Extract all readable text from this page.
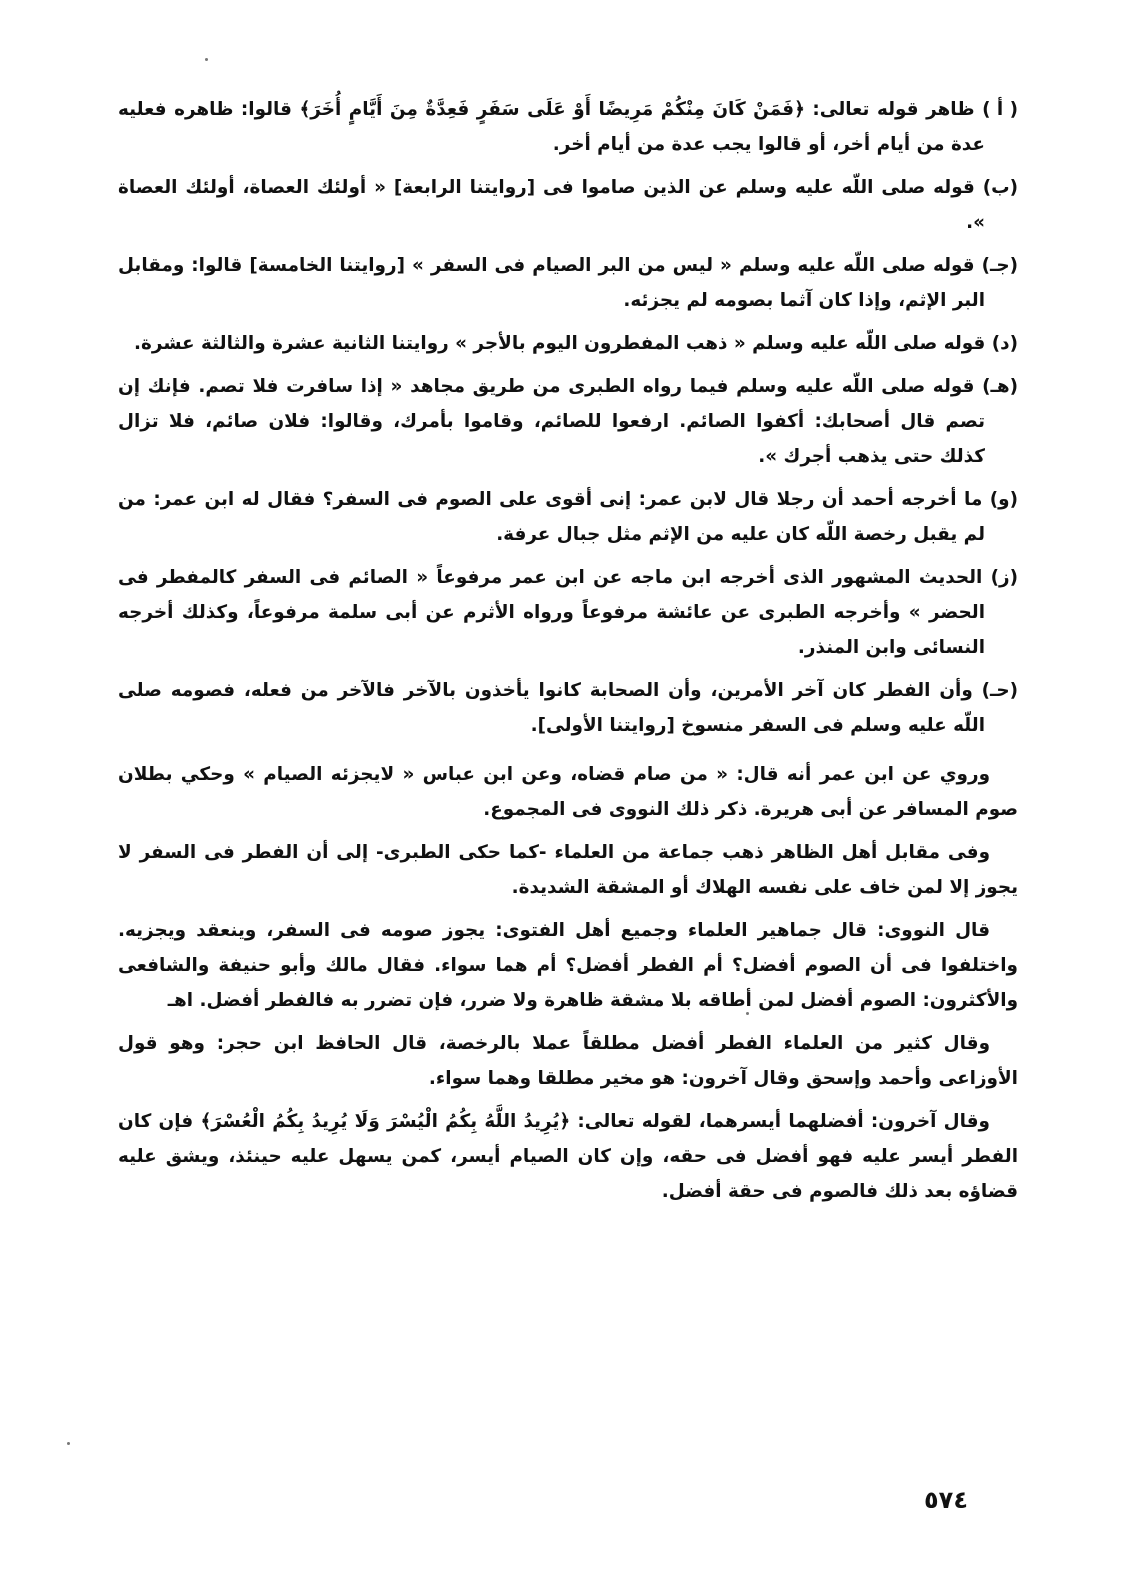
( أ ) ظاهر قوله تعالى: ﴿فَمَنْ كَانَ مِنْكُمْ مَرِيضًا أَوْ عَلَى سَفَرٍ فَعِدَّةٌ مِنَ أَيَّامٍ أُخَرَ﴾ قالوا: ظاهره فعليه عدة من أيام أخر، أو قالوا يجب عدة من أيام أخر.

(ب) قوله صلى اللّه عليه وسلم عن الذين صاموا فى [روايتنا الرابعة] « أولئك العصاة، أولئك العصاة ».

(جـ) قوله صلى اللّه عليه وسلم « ليس من البر الصيام فى السفر » [روايتنا الخامسة] قالوا: ومقابل البر الإثم، وإذا كان آثما بصومه لم يجزئه.

(د) قوله صلى اللّه عليه وسلم « ذهب المفطرون اليوم بالأجر » روايتنا الثانية عشرة والثالثة عشرة.

(هـ) قوله صلى اللّه عليه وسلم فيما رواه الطبرى من طريق مجاهد « إذا سافرت فلا تصم. فإنك إن تصم قال أصحابك: أكفوا الصائم. ارفعوا للصائم، وقاموا بأمرك، وقالوا: فلان صائم، فلا تزال كذلك حتى يذهب أجرك ».

(و) ما أخرجه أحمد أن رجلا قال لابن عمر: إنى أقوى على الصوم فى السفر؟ فقال له ابن عمر: من لم يقبل رخصة اللّه كان عليه من الإثم مثل جبال عرفة.

(ز) الحديث المشهور الذى أخرجه ابن ماجه عن ابن عمر مرفوعاً « الصائم فى السفر كالمفطر فى الحضر » وأخرجه الطبرى عن عائشة مرفوعاً ورواه الأثرم عن أبى سلمة مرفوعاً، وكذلك أخرجه النسائى وابن المنذر.

(حـ) وأن الفطر كان آخر الأمرين، وأن الصحابة كانوا يأخذون بالآخر فالآخر من فعله، فصومه صلى اللّه عليه وسلم فى السفر منسوخ [روايتنا الأولى].

وروي عن ابن عمر أنه قال: « من صام قضاه، وعن ابن عباس « لايجزئه الصيام » وحكي بطلان صوم المسافر عن أبى هريرة. ذكر ذلك النووى فى المجموع.

وفى مقابل أهل الظاهر ذهب جماعة من العلماء -كما حكى الطبرى- إلى أن الفطر فى السفر لا يجوز إلا لمن خاف على نفسه الهلاك أو المشقة الشديدة.

قال النووى: قال جماهير العلماء وجميع أهل الفتوى: يجوز صومه فى السفر، وينعقد ويجزيه. واختلفوا فى أن الصوم أفضل؟ أم الفطر أفضل؟ أم هما سواء. فقال مالك وأبو حنيفة والشافعى والأكثرون: الصوم أفضل لمن أطاقه بلا مشقة ظاهرة ولا ضرر، فإن تضرر به فالفطر أفضل. اهـ

وقال كثير من العلماء الفطر أفضل مطلقاً عملا بالرخصة، قال الحافظ ابن حجر: وهو قول الأوزاعى وأحمد وإسحق وقال آخرون: هو مخير مطلقا وهما سواء.

وقال آخرون: أفضلهما أيسرهما، لقوله تعالى: ﴿يُرِيدُ اللَّهُ بِكُمُ الْيُسْرَ وَلَا يُرِيدُ بِكُمُ الْعُسْرَ﴾ فإن كان الفطر أيسر عليه فهو أفضل فى حقه، وإن كان الصيام أيسر، كمن يسهل عليه حينئذ، ويشق عليه قضاؤه بعد ذلك فالصوم فى حقة أفضل.

٥٧٤
